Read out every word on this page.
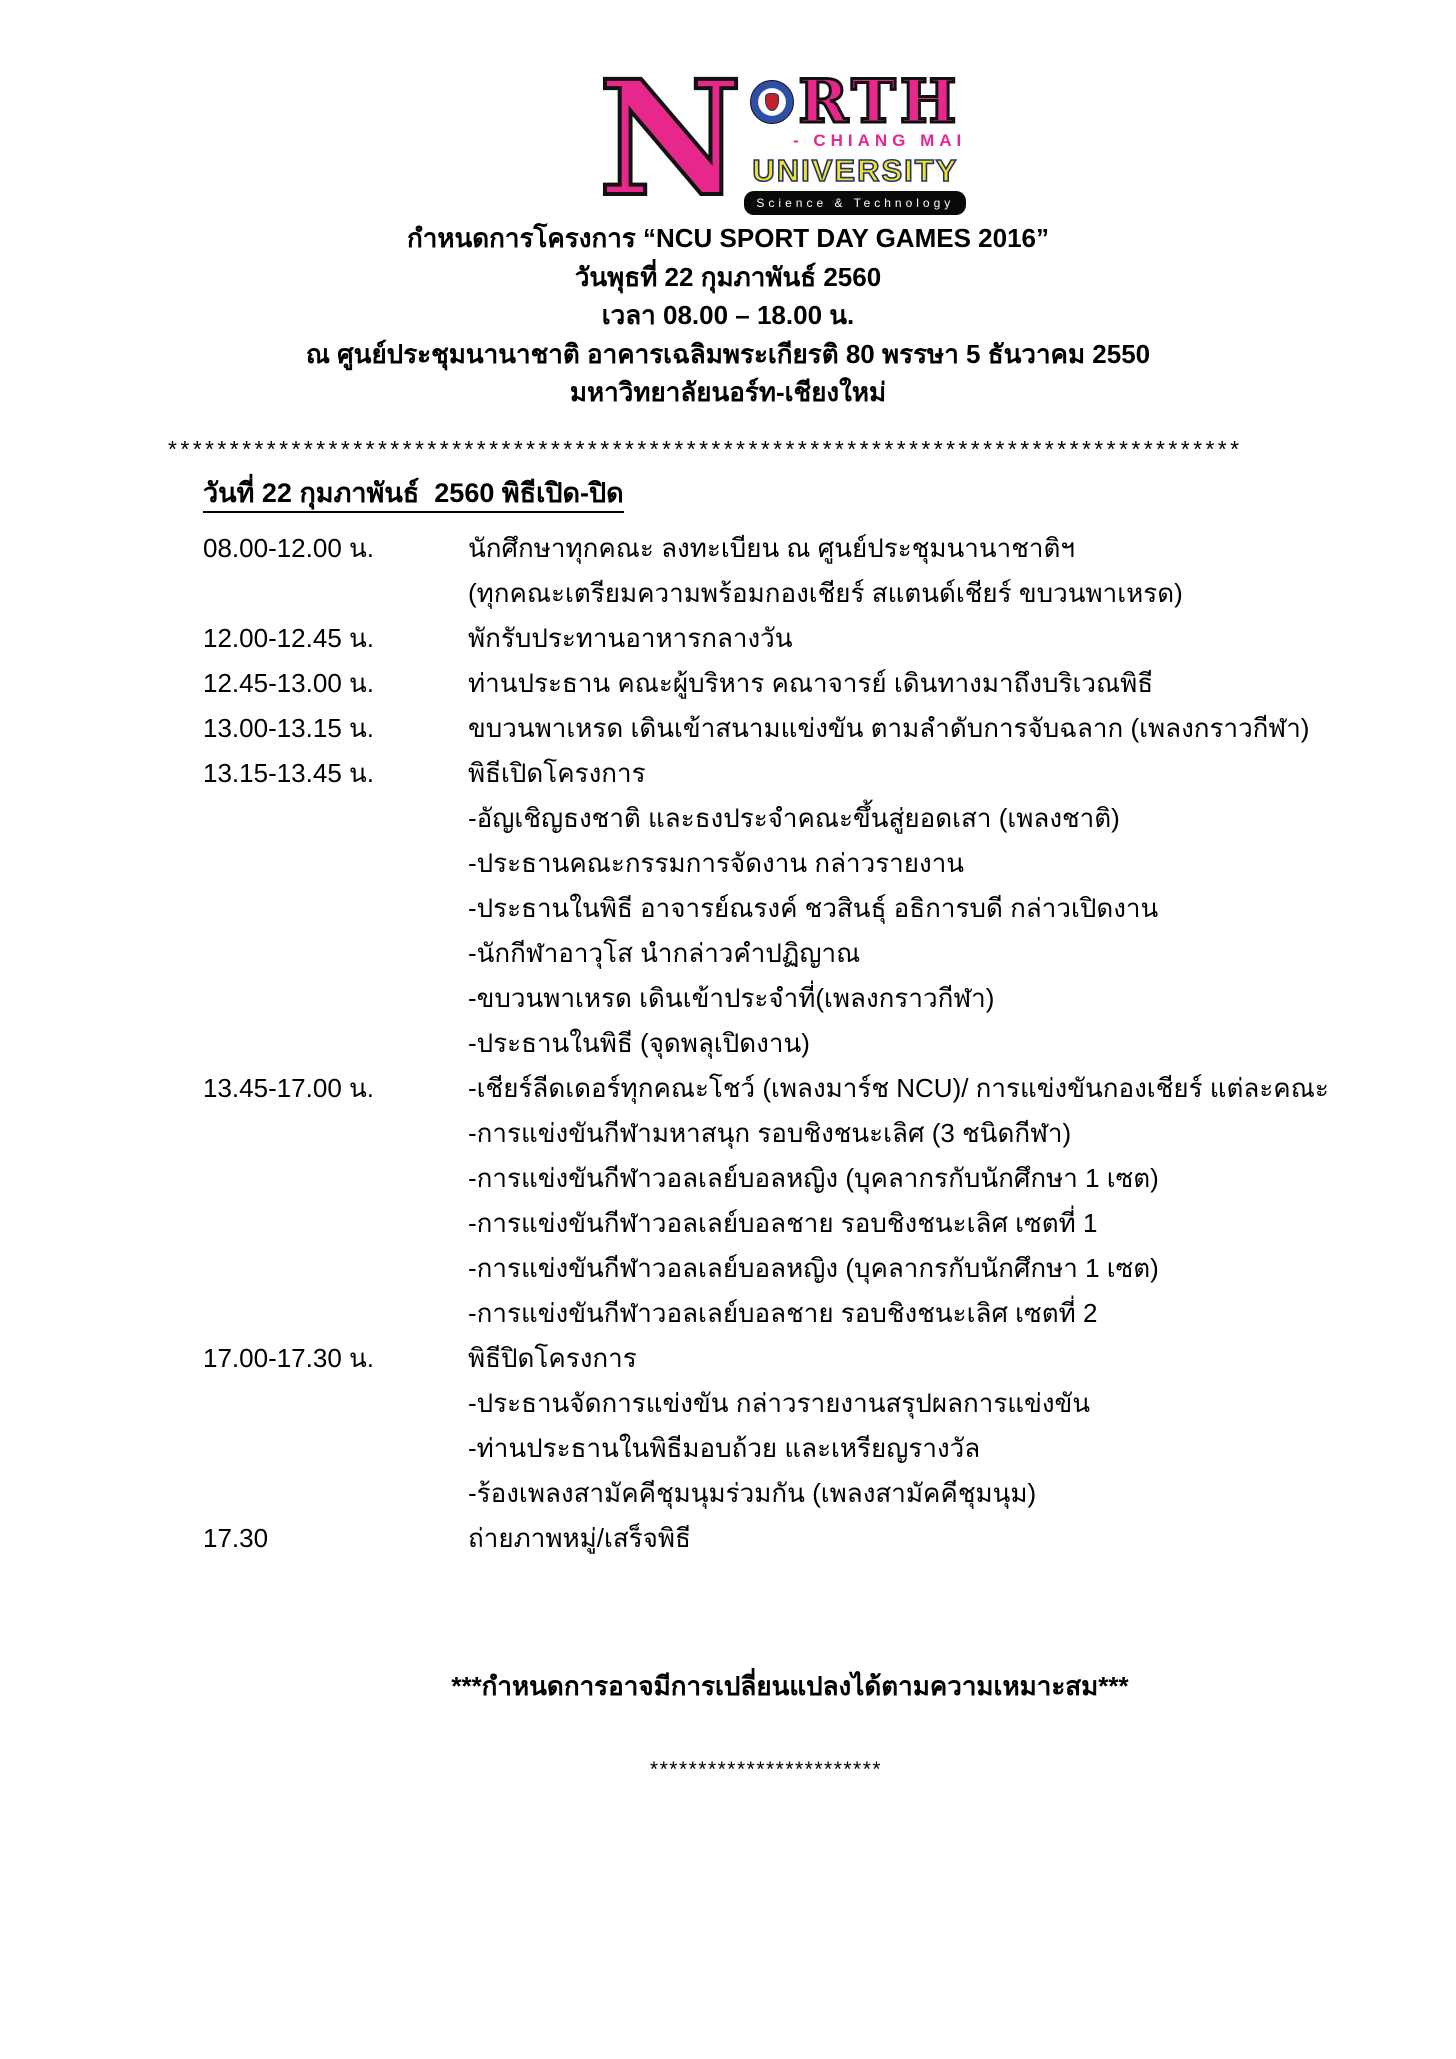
N RTH
- CHIANG MAI
UNIVERSITY
Science & Technology
กำหนดการโครงการ “NCU SPORT DAY GAMES 2016”
วันพุธที่ 22 กุมภาพันธ์ 2560
เวลา 08.00 – 18.00 น.
ณ ศูนย์ประชุมนานาชาติ อาคารเฉลิมพระเกียรติ 80 พรรษา 5 ธันวาคม 2550
มหาวิทยาลัยนอร์ท-เชียงใหม่
***************************************************************************************
วันที่ 22 กุมภาพันธ์  2560 พิธีเปิด-ปิด
08.00-12.00 น.	นักศึกษาทุกคณะ ลงทะเบียน ณ ศูนย์ประชุมนานาชาติฯ
(ทุกคณะเตรียมความพร้อมกองเชียร์ สแตนด์เชียร์ ขบวนพาเหรด)
12.00-12.45 น.	พักรับประทานอาหารกลางวัน
12.45-13.00 น.	ท่านประธาน คณะผู้บริหาร คณาจารย์ เดินทางมาถึงบริเวณพิธี
13.00-13.15 น.	ขบวนพาเหรด เดินเข้าสนามแข่งขัน ตามลำดับการจับฉลาก (เพลงกราวกีฬา)
13.15-13.45 น.	พิธีเปิดโครงการ
-อัญเชิญธงชาติ และธงประจำคณะขึ้นสู่ยอดเสา (เพลงชาติ)
-ประธานคณะกรรมการจัดงาน กล่าวรายงาน
-ประธานในพิธี อาจารย์ณรงค์ ชวสินธุ์ อธิการบดี กล่าวเปิดงาน
-นักกีฬาอาวุโส นำกล่าวคำปฏิญาณ
-ขบวนพาเหรด เดินเข้าประจำที่(เพลงกราวกีฬา)
-ประธานในพิธี (จุดพลุเปิดงาน)
13.45-17.00 น.	-เชียร์ลีดเดอร์ทุกคณะโชว์ (เพลงมาร์ช NCU)/ การแข่งขันกองเชียร์ แต่ละคณะ
-การแข่งขันกีฬามหาสนุก รอบชิงชนะเลิศ (3 ชนิดกีฬา)
-การแข่งขันกีฬาวอลเลย์บอลหญิง (บุคลากรกับนักศึกษา 1 เซต)
-การแข่งขันกีฬาวอลเลย์บอลชาย รอบชิงชนะเลิศ เซตที่ 1
-การแข่งขันกีฬาวอลเลย์บอลหญิง (บุคลากรกับนักศึกษา 1 เซต)
-การแข่งขันกีฬาวอลเลย์บอลชาย รอบชิงชนะเลิศ เซตที่ 2
17.00-17.30 น.	พิธีปิดโครงการ
-ประธานจัดการแข่งขัน กล่าวรายงานสรุปผลการแข่งขัน
-ท่านประธานในพิธีมอบถ้วย และเหรียญรางวัล
-ร้องเพลงสามัคคีชุมนุมร่วมกัน (เพลงสามัคคีชุมนุม)
17.30	ถ่ายภาพหมู่/เสร็จพิธี
***กำหนดการอาจมีการเปลี่ยนแปลงได้ตามความเหมาะสม***
************************
